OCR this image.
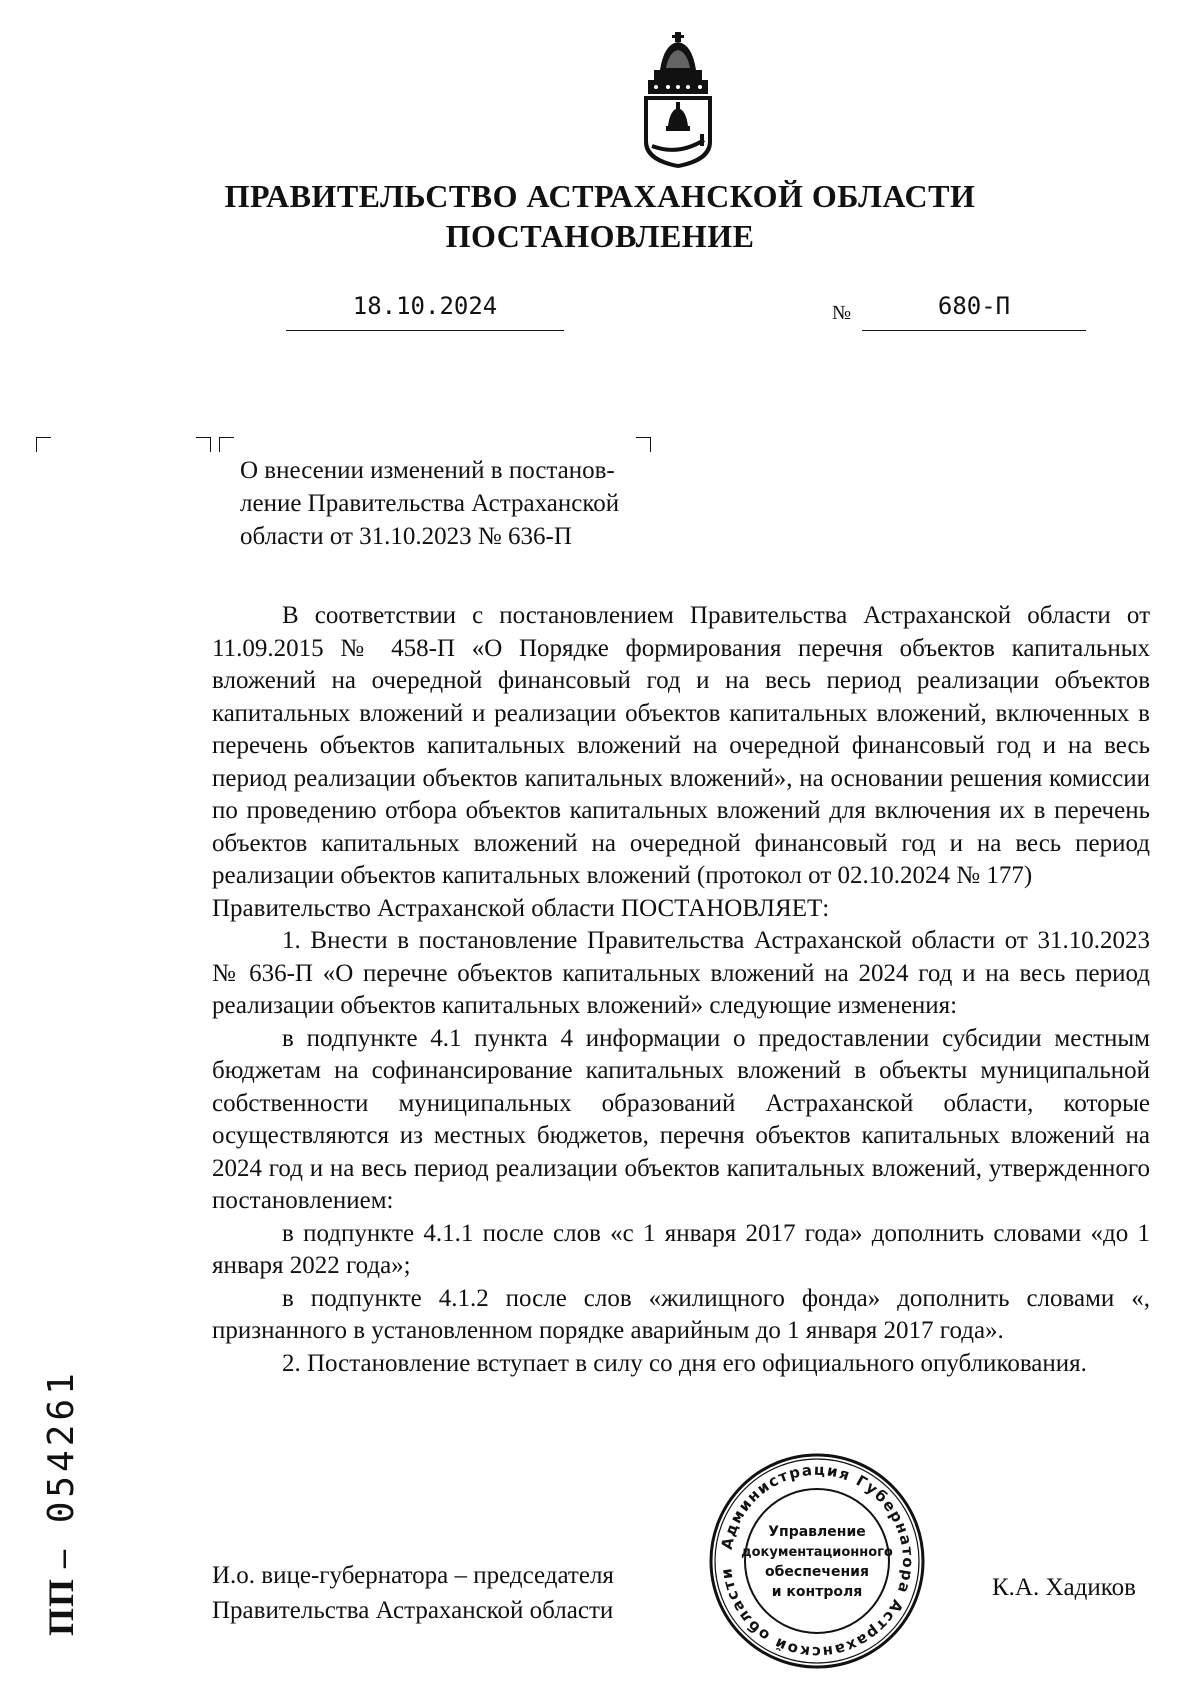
ПРАВИТЕЛЬСТВО АСТРАХАНСКОЙ ОБЛАСТИ
ПОСТАНОВЛЕНИЕ
18.10.2024	№	680-П
О внесении изменений в постанов-
ление Правительства Астраханской
области от 31.10.2023 № 636-П

В соответствии с постановлением Правительства Астраханской области от 11.09.2015 № 458-П «О Порядке формирования перечня объектов капитальных вложений на очередной финансовый год и на весь период реализации объектов капитальных вложений и реализации объектов капитальных вложений, включенных в перечень объектов капитальных вложений на очередной финансовый год и на весь период реализации объектов капитальных вложений», на основании решения комиссии по проведению отбора объектов капитальных вложений для включения их в перечень объектов капитальных вложений на очередной финансовый год и на весь период реализации объектов капитальных вложений (протокол от 02.10.2024 № 177)

Правительство Астраханской области ПОСТАНОВЛЯЕТ:

1. Внести в постановление Правительства Астраханской области от 31.10.2023 № 636-П «О перечне объектов капитальных вложений на 2024 год и на весь период реализации объектов капитальных вложений» следующие изменения:

в подпункте 4.1 пункта 4 информации о предоставлении субсидии местным бюджетам на софинансирование капитальных вложений в объекты муниципальной собственности муниципальных образований Астраханской области, которые осуществляются из местных бюджетов, перечня объектов капитальных вложений на 2024 год и на весь период реализации объектов капитальных вложений, утвержденного постановлением:

в подпункте 4.1.1 после слов «с 1 января 2017 года» дополнить словами «до 1 января 2022 года»;

в подпункте 4.1.2 после слов «жилищного фонда» дополнить словами «, признанного в установленном порядке аварийным до 1 января 2017 года».

2. Постановление вступает в силу со дня его официального опубликования.

И.о. вице-губернатора – председателя
Правительства Астраханской области
К.А. Хадиков
Администрация Губернатора Астраханской области
Управление
документационного
обеспечения
и контроля
ПП – 054261
